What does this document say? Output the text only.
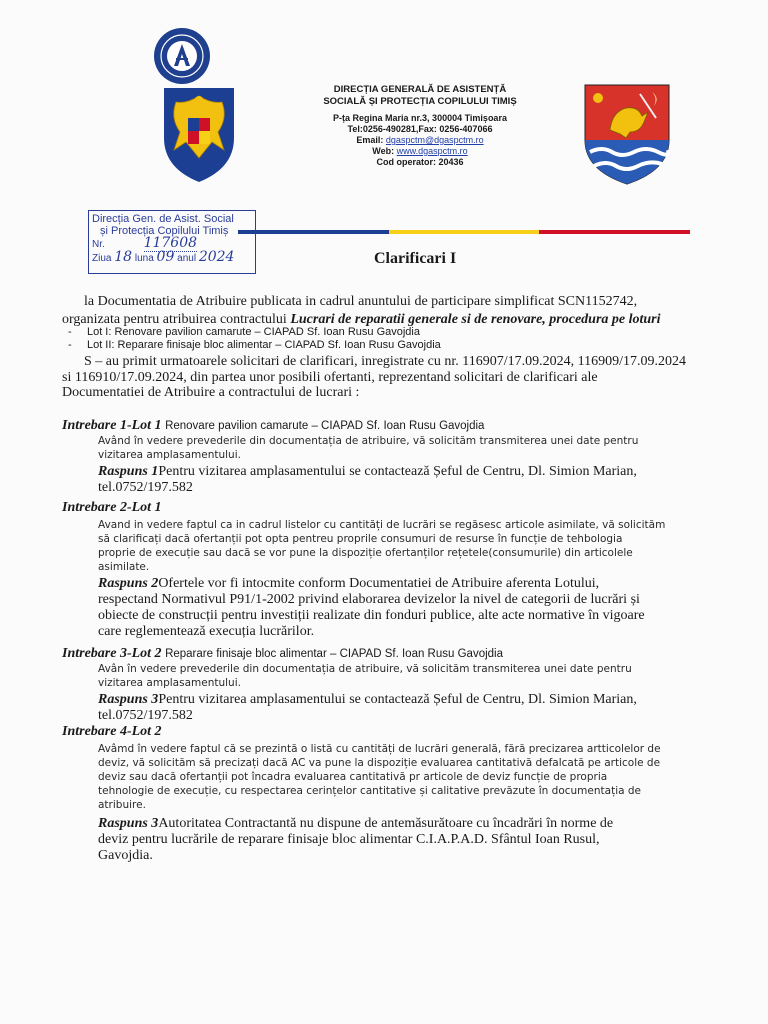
DIRECȚIA GENERALĂ DE ASISTENȚĂ
SOCIALĂ ȘI PROTECȚIA COPILULUI TIMIȘ
P-ța Regina Maria nr.3, 300004 Timișoara
Tel:0256-490281,Fax: 0256-407066
Email: dgaspctm@dgaspctm.ro
Web: www.dgaspctm.ro
Cod operator: 20436
Direcția Gen. de Asist. Social
și Protecția Copilului Timiș
Nr.	117608
Ziua 18 luna 09 anul 2024	Clarificari I
la Documentatia de Atribuire publicata in cadrul anuntului de participare simplificat SCN1152742,
organizata pentru atribuirea contractului Lucrari de reparatii generale si de renovare, procedura pe loturi
-     Lot I: Renovare pavilion camarute – CIAPAD Sf. Ioan Rusu Gavojdia
-     Lot II: Reparare finisaje bloc alimentar – CIAPAD Sf. Ioan Rusu Gavojdia
S – au primit urmatoarele solicitari de clarificari, inregistrate cu nr. 116907/17.09.2024, 116909/17.09.2024
si 116910/17.09.2024, din partea unor posibili ofertanti, reprezentand solicitari de clarificari ale
Documentatiei de Atribuire a contractului de lucrari :
Intrebare 1-Lot 1 Renovare pavilion camarute – CIAPAD Sf. Ioan Rusu Gavojdia
Având în vedere prevederile din documentația de atribuire, vă solicităm transmiterea unei date pentru
vizitarea amplasamentului.
Raspuns 1Pentru vizitarea amplasamentului se contactează Șeful de Centru, Dl. Simion Marian,
tel.0752/197.582
Intrebare 2-Lot 1
Avand in vedere faptul ca in cadrul listelor cu cantități de lucrări se regăsesc articole asimilate, vă solicităm
să clarificați dacă ofertanții pot opta pentreu proprile consumuri de resurse în funcție de tehbologia
proprie de execuție sau dacă se vor pune la dispoziție ofertanților rețetele(consumurile) din articolele
asimilate.
Raspuns 2Ofertele vor fi intocmite conform Documentatiei de Atribuire aferenta Lotului,
respectand Normativul P91/1-2002 privind elaborarea devizelor la nivel de categorii de lucrări și
obiecte de construcții pentru investiții realizate din fonduri publice, alte acte normative în vigoare
care reglementează execuția lucrărilor.
Intrebare 3-Lot 2 Reparare finisaje bloc alimentar – CIAPAD Sf. Ioan Rusu Gavojdia
Avân în vedere prevederile din documentația de atribuire, vă solicităm transmiterea unei date pentru
vizitarea amplasamentului.
Raspuns 3Pentru vizitarea amplasamentului se contactează Șeful de Centru, Dl. Simion Marian,
tel.0752/197.582
Intrebare 4-Lot 2
Avâmd în vedere faptul că se prezintă o listă cu cantități de lucrări generală, fără precizarea artticolelor de
deviz, vă solicităm să precizați dacă AC va pune la dispoziție evaluarea cantitativă defalcată pe articole de
deviz sau dacă ofertanții pot încadra evaluarea cantitativă pr articole de deviz funcție de propria
tehnologie de execuție, cu respectarea cerințelor cantitative și calitative prevăzute în documentația de
atribuire.
Raspuns 3Autoritatea Contractantă nu dispune de antemăsurătoare cu încadrări în norme de
deviz pentru lucrările de reparare finisaje bloc alimentar C.I.A.P.A.D. Sfântul Ioan Rusul,
Gavojdia.
